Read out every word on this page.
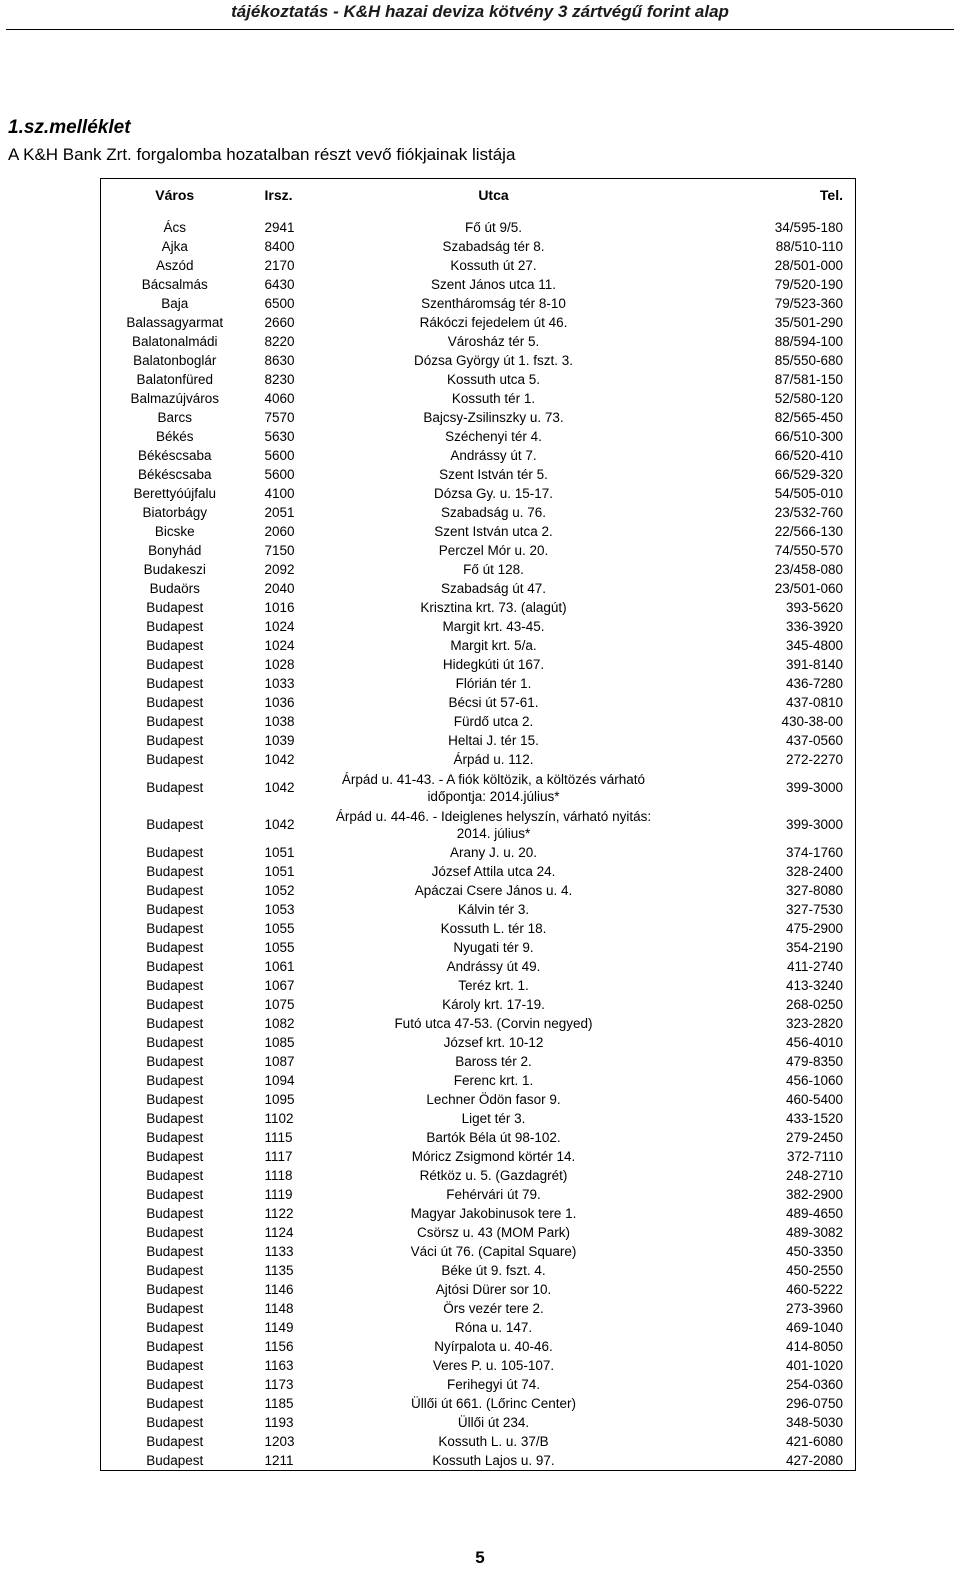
tájékoztatás - K&H hazai deviza kötvény 3 zártvégű forint alap
1.sz.melléklet
A K&H Bank Zrt. forgalomba hozatalban részt vevő fiókjainak listája
Város	Irsz.	Utca	Tel.

Ács	2941	Fő út 9/5.	34/595-180
Ajka	8400	Szabadság tér 8.	88/510-110
Aszód	2170	Kossuth út 27.	28/501-000
Bácsalmás	6430	Szent János utca 11.	79/520-190
Baja	6500	Szentháromság tér 8-10	79/523-360
Balassagyarmat	2660	Rákóczi fejedelem út 46.	35/501-290
Balatonalmádi	8220	Városház tér 5.	88/594-100
Balatonboglár	8630	Dózsa György út 1. fszt. 3.	85/550-680
Balatonfüred	8230	Kossuth utca 5.	87/581-150
Balmazújváros	4060	Kossuth tér 1.	52/580-120
Barcs	7570	Bajcsy-Zsilinszky u. 73.	82/565-450
Békés	5630	Széchenyi tér 4.	66/510-300
Békéscsaba	5600	Andrássy út 7.	66/520-410
Békéscsaba	5600	Szent István tér 5.	66/529-320
Berettyóújfalu	4100	Dózsa Gy. u. 15-17.	54/505-010
Biatorbágy	2051	Szabadság u. 76.	23/532-760
Bicske	2060	Szent István utca 2.	22/566-130
Bonyhád	7150	Perczel Mór u. 20.	74/550-570
Budakeszi	2092	Fő út 128.	23/458-080
Budaörs	2040	Szabadság út 47.	23/501-060
Budapest	1016	Krisztina krt. 73. (alagút)	393-5620
Budapest	1024	Margit krt. 43-45.	336-3920
Budapest	1024	Margit krt. 5/a.	345-4800
Budapest	1028	Hidegkúti út 167.	391-8140
Budapest	1033	Flórián tér 1.	436-7280
Budapest	1036	Bécsi út 57-61.	437-0810
Budapest	1038	Fürdő utca 2.	430-38-00
Budapest	1039	Heltai J. tér 15.	437-0560
Budapest	1042	Árpád u. 112.	272-2270
Budapest	1042	Árpád u. 41-43. - A fiók költözik, a költözés várható időpontja: 2014.július*	399-3000
Budapest	1042	Árpád u. 44-46. - Ideiglenes helyszín, várható nyitás: 2014. július*	399-3000
Budapest	1051	Arany J. u. 20.	374-1760
Budapest	1051	József Attila utca 24.	328-2400
Budapest	1052	Apáczai Csere János u. 4.	327-8080
Budapest	1053	Kálvin tér 3.	327-7530
Budapest	1055	Kossuth L. tér 18.	475-2900
Budapest	1055	Nyugati tér 9.	354-2190
Budapest	1061	Andrássy út 49.	411-2740
Budapest	1067	Teréz krt. 1.	413-3240
Budapest	1075	Károly krt. 17-19.	268-0250
Budapest	1082	Futó utca 47-53. (Corvin negyed)	323-2820
Budapest	1085	József krt. 10-12	456-4010
Budapest	1087	Baross tér 2.	479-8350
Budapest	1094	Ferenc krt. 1.	456-1060
Budapest	1095	Lechner Ödön fasor 9.	460-5400
Budapest	1102	Liget tér 3.	433-1520
Budapest	1115	Bartók Béla út 98-102.	279-2450
Budapest	1117	Móricz Zsigmond körtér 14.	372-7110
Budapest	1118	Rétköz u. 5. (Gazdagrét)	248-2710
Budapest	1119	Fehérvári út 79.	382-2900
Budapest	1122	Magyar Jakobinusok tere 1.	489-4650
Budapest	1124	Csörsz u. 43 (MOM Park)	489-3082
Budapest	1133	Váci út 76. (Capital Square)	450-3350
Budapest	1135	Béke út 9. fszt. 4.	450-2550
Budapest	1146	Ajtósi Dürer sor 10.	460-5222
Budapest	1148	Örs vezér tere 2.	273-3960
Budapest	1149	Róna u. 147.	469-1040
Budapest	1156	Nyírpalota u. 40-46.	414-8050
Budapest	1163	Veres P. u. 105-107.	401-1020
Budapest	1173	Ferihegyi út 74.	254-0360
Budapest	1185	Üllői út 661. (Lőrinc Center)	296-0750
Budapest	1193	Üllői út 234.	348-5030
Budapest	1203	Kossuth L. u. 37/B	421-6080
Budapest	1211	Kossuth Lajos u. 97.	427-2080
5
